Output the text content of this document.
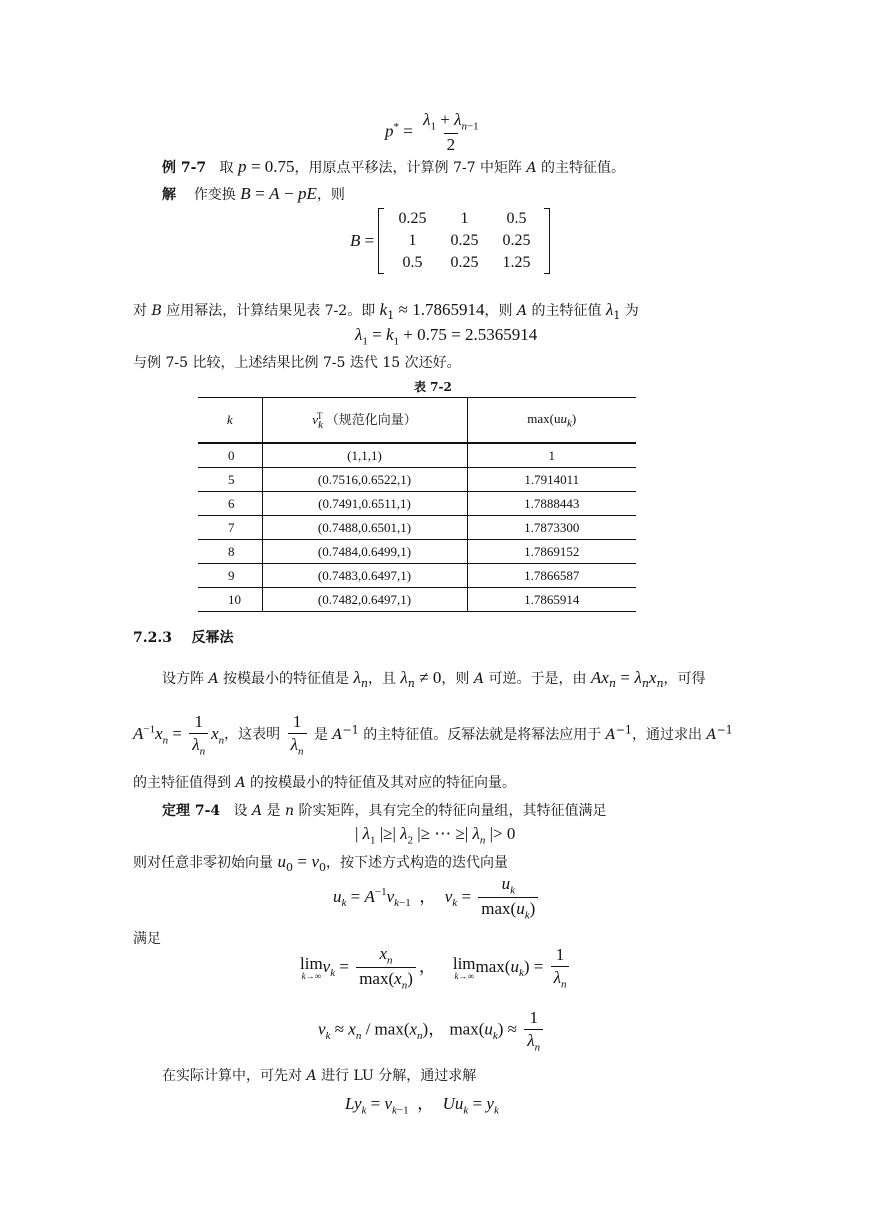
$p^* = \frac{\lambda_1 + \lambda_{n-1}}{2}$
例 7-7 取 p = 0.75，用原点平移法，计算例 7-7 中矩阵 A 的主特征值。
解 作变换 B = A − pE，则
B =
0.25	1	0.5
1	0.25	0.25
0.5	0.25	1.25
对 B 应用幂法，计算结果见表 7-2。即 $k_1 \approx 1.7865914$，则 A 的主特征值 $\lambda_1$ 为
$\lambda_1 = k_1 + 0.75 = 2.5365914$
与例 7-5 比较，上述结果比例 7-5 迭代 15 次还好。
表 7-2
k	$v_k^T$ （规范化向量）	$\max(uu_k)$
0	(1,1,1)	1
5	(0.7516,0.6522,1)	1.7914011
6	(0.7491,0.6511,1)	1.7888443
7	(0.7488,0.6501,1)	1.7873300
8	(0.7484,0.6499,1)	1.7869152
9	(0.7483,0.6497,1)	1.7866587
10	(0.7482,0.6497,1)	1.7865914
7.2.3 反幂法
设方阵 A 按模最小的特征值是 $\lambda_n$，且 $\lambda_n \ne 0$，则 A 可逆。于是，由 $Ax_n = \lambda_nx_n$，可得
$A^{-1}x_n = \frac{1}{\lambda_n} x_n$，这表明 $\frac{1}{\lambda_n}$ 是 $A^{-1}$ 的主特征值。反幂法就是将幂法应用于 $A^{-1}$，通过求出 $A^{-1}$
的主特征值得到 A 的按模最小的特征值及其对应的特征向量。
定理 7-4 设 A 是 n 阶实矩阵，具有完全的特征向量组，其特征值满足
| $\lambda_1$ |≥| $\lambda_2$ |≥ ⋯ ≥| $\lambda_n$ |> 0
则对任意非零初始向量 $u_0 = v_0$，按下述方式构造的迭代向量
$u_k = A^{-1}v_{k-1}$  ，  $v_k = \frac{u_k}{\max(u_k)}$
满足
lim
k→∞
$v_k = \frac{x_n}{\max(x_n)}$ ，    lim
k→∞
$\max(u_k) = \frac{1}{\lambda_n}$
$v_k \approx x_n / \max(x_n)$， $\max(u_k) \approx \frac{1}{\lambda_n}$
在实际计算中，可先对 A 进行 LU 分解，通过求解
$Ly_k = v_{k-1}$  ，  $Uu_k = y_k$
